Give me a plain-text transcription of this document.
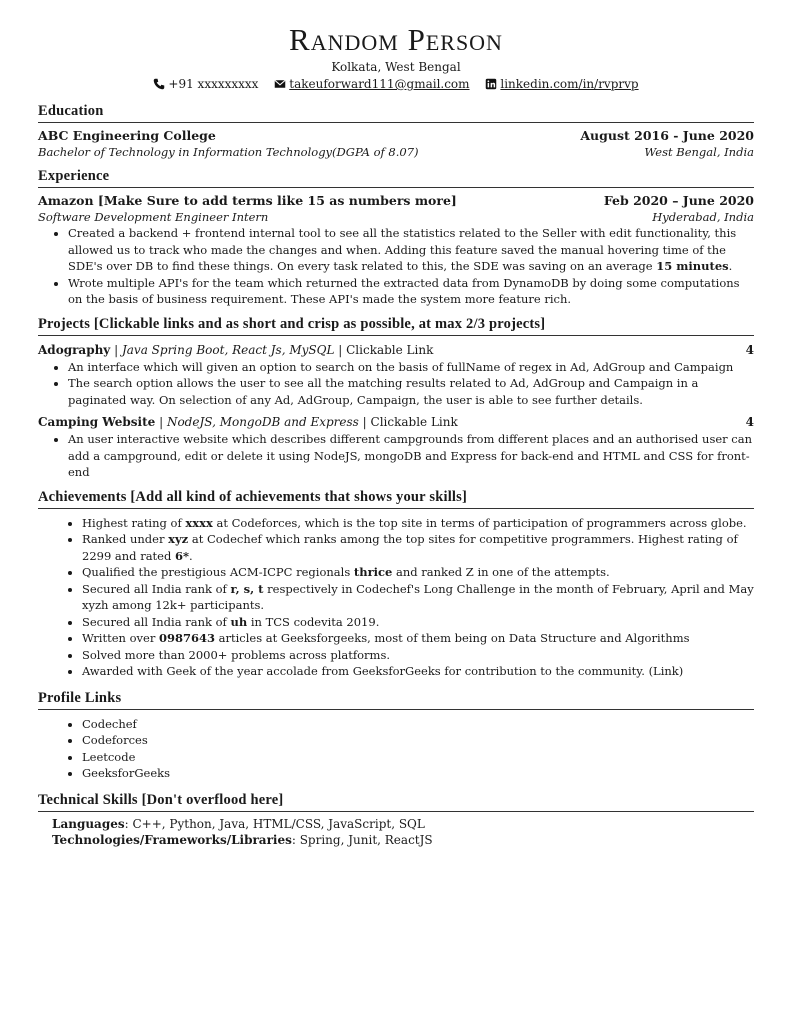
Random Person
Kolkata, West Bengal
+91 xxxxxxxxx	takeuforward111@gmail.com	linkedin.com/in/rvprvp
Education
ABC Engineering College	August 2016 - June 2020
Bachelor of Technology in Information Technology(DGPA of 8.07)	West Bengal, India
Experience
Amazon [Make Sure to add terms like 15 as numbers more]	Feb 2020 – June 2020
Software Development Engineer Intern	Hyderabad, India
• Created a backend + frontend internal tool to see all the statistics related to the Seller with edit functionality, this allowed us to track who made the changes and when. Adding this feature saved the manual hovering time of the SDE's over DB to find these things. On every task related to this, the SDE was saving on an average 15 minutes.
• Wrote multiple API's for the team which returned the extracted data from DynamoDB by doing some computations on the basis of business requirement. These API's made the system more feature rich.
Projects [Clickable links and as short and crisp as possible, at max 2/3 projects]
Adography | Java Spring Boot, React Js, MySQL | Clickable Link	4
• An interface which will given an option to search on the basis of fullName of regex in Ad, AdGroup and Campaign
• The search option allows the user to see all the matching results related to Ad, AdGroup and Campaign in a paginated way. On selection of any Ad, AdGroup, Campaign, the user is able to see further details.
Camping Website | NodeJS, MongoDB and Express | Clickable Link	4
• An user interactive website which describes different campgrounds from different places and an authorised user can add a campground, edit or delete it using NodeJS, mongoDB and Express for back-end and HTML and CSS for front-end
Achievements [Add all kind of achievements that shows your skills]
• Highest rating of xxxx at Codeforces, which is the top site in terms of participation of programmers across globe.
• Ranked under xyz at Codechef which ranks among the top sites for competitive programmers. Highest rating of 2299 and rated 6*.
• Qualified the prestigious ACM-ICPC regionals thrice and ranked Z in one of the attempts.
• Secured all India rank of r, s, t respectively in Codechef's Long Challenge in the month of February, April and May xyzh among 12k+ participants.
• Secured all India rank of uh in TCS codevita 2019.
• Written over 0987643 articles at Geeksforgeeks, most of them being on Data Structure and Algorithms
• Solved more than 2000+ problems across platforms.
• Awarded with Geek of the year accolade from GeeksforGeeks for contribution to the community. (Link)
Profile Links
• Codechef
• Codeforces
• Leetcode
• GeeksforGeeks
Technical Skills [Don't overflood here]
Languages: C++, Python, Java, HTML/CSS, JavaScript, SQL
Technologies/Frameworks/Libraries: Spring, Junit, ReactJS
